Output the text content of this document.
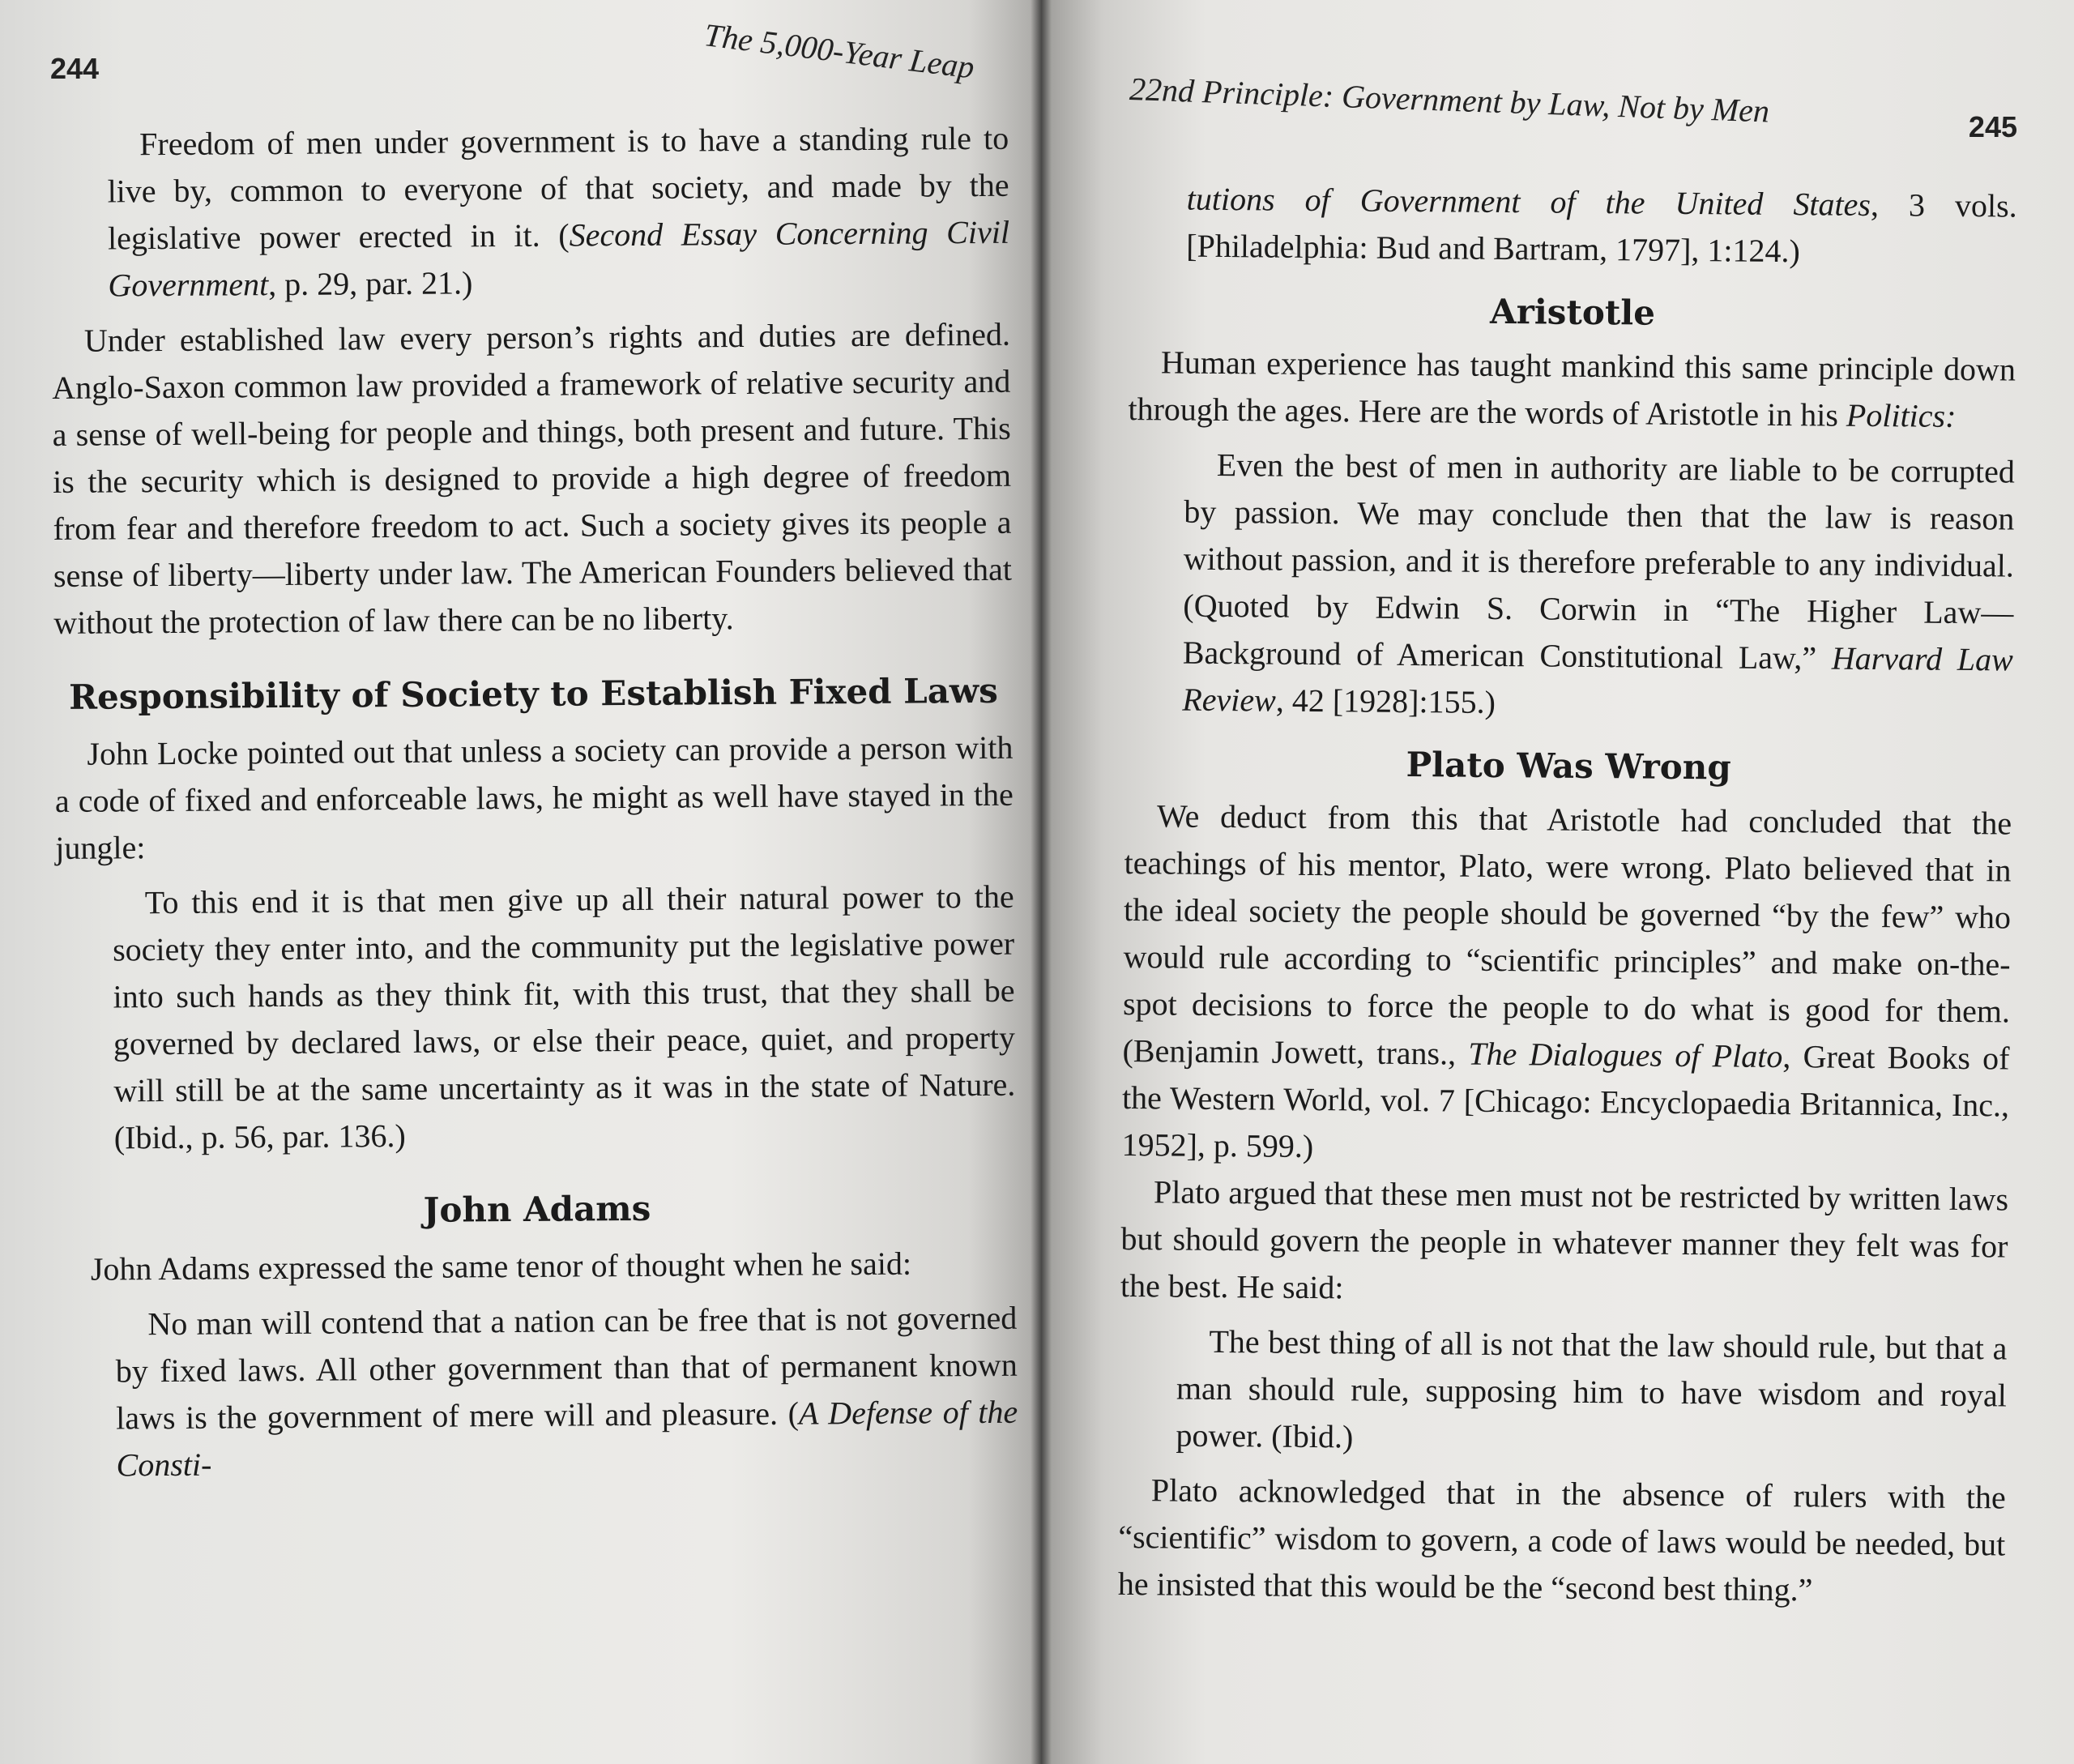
244	The 5,000-Year Leap

Freedom of men under government is to have a standing rule to live by, common to everyone of that society, and made by the legislative power erected in it. (Second Essay Concerning Civil Government, p. 29, par. 21.)

Under established law every person’s rights and duties are defined. Anglo-Saxon common law provided a framework of relative security and a sense of well-being for people and things, both present and future. This is the security which is designed to provide a high degree of freedom from fear and therefore freedom to act. Such a society gives its people a sense of liberty—liberty under law. The American Founders believed that without the protection of law there can be no liberty.

Responsibility of Society to Establish Fixed Laws

John Locke pointed out that unless a society can provide a person with a code of fixed and enforceable laws, he might as well have stayed in the jungle:

To this end it is that men give up all their natural power to the society they enter into, and the community put the legislative power into such hands as they think fit, with this trust, that they shall be governed by declared laws, or else their peace, quiet, and property will still be at the same uncertainty as it was in the state of Nature. (Ibid., p. 56, par. 136.)

John Adams

John Adams expressed the same tenor of thought when he said:

No man will contend that a nation can be free that is not governed by fixed laws. All other government than that of permanent known laws is the government of mere will and pleasure. (A Defense of the Consti-

22nd Principle: Government by Law, Not by Men	245

tutions of Government of the United States, 3 vols. [Philadelphia: Bud and Bartram, 1797], 1:124.)

Aristotle

Human experience has taught mankind this same principle down through the ages. Here are the words of Aristotle in his Politics:

Even the best of men in authority are liable to be corrupted by passion. We may conclude then that the law is reason without passion, and it is therefore preferable to any individual. (Quoted by Edwin S. Corwin in “The Higher Law—Background of American Constitutional Law,” Harvard Law Review, 42 [1928]:155.)

Plato Was Wrong

We deduct from this that Aristotle had concluded that the teachings of his mentor, Plato, were wrong. Plato believed that in the ideal society the people should be governed “by the few” who would rule according to “scientific principles” and make on-the-spot decisions to force the people to do what is good for them. (Benjamin Jowett, trans., The Dialogues of Plato, Great Books of the Western World, vol. 7 [Chicago: Encyclopaedia Britannica, Inc., 1952], p. 599.)

Plato argued that these men must not be restricted by written laws but should govern the people in whatever manner they felt was for the best. He said:

The best thing of all is not that the law should rule, but that a man should rule, supposing him to have wisdom and royal power. (Ibid.)

Plato acknowledged that in the absence of rulers with the “scientific” wisdom to govern, a code of laws would be needed, but he insisted that this would be the “second best thing.”
